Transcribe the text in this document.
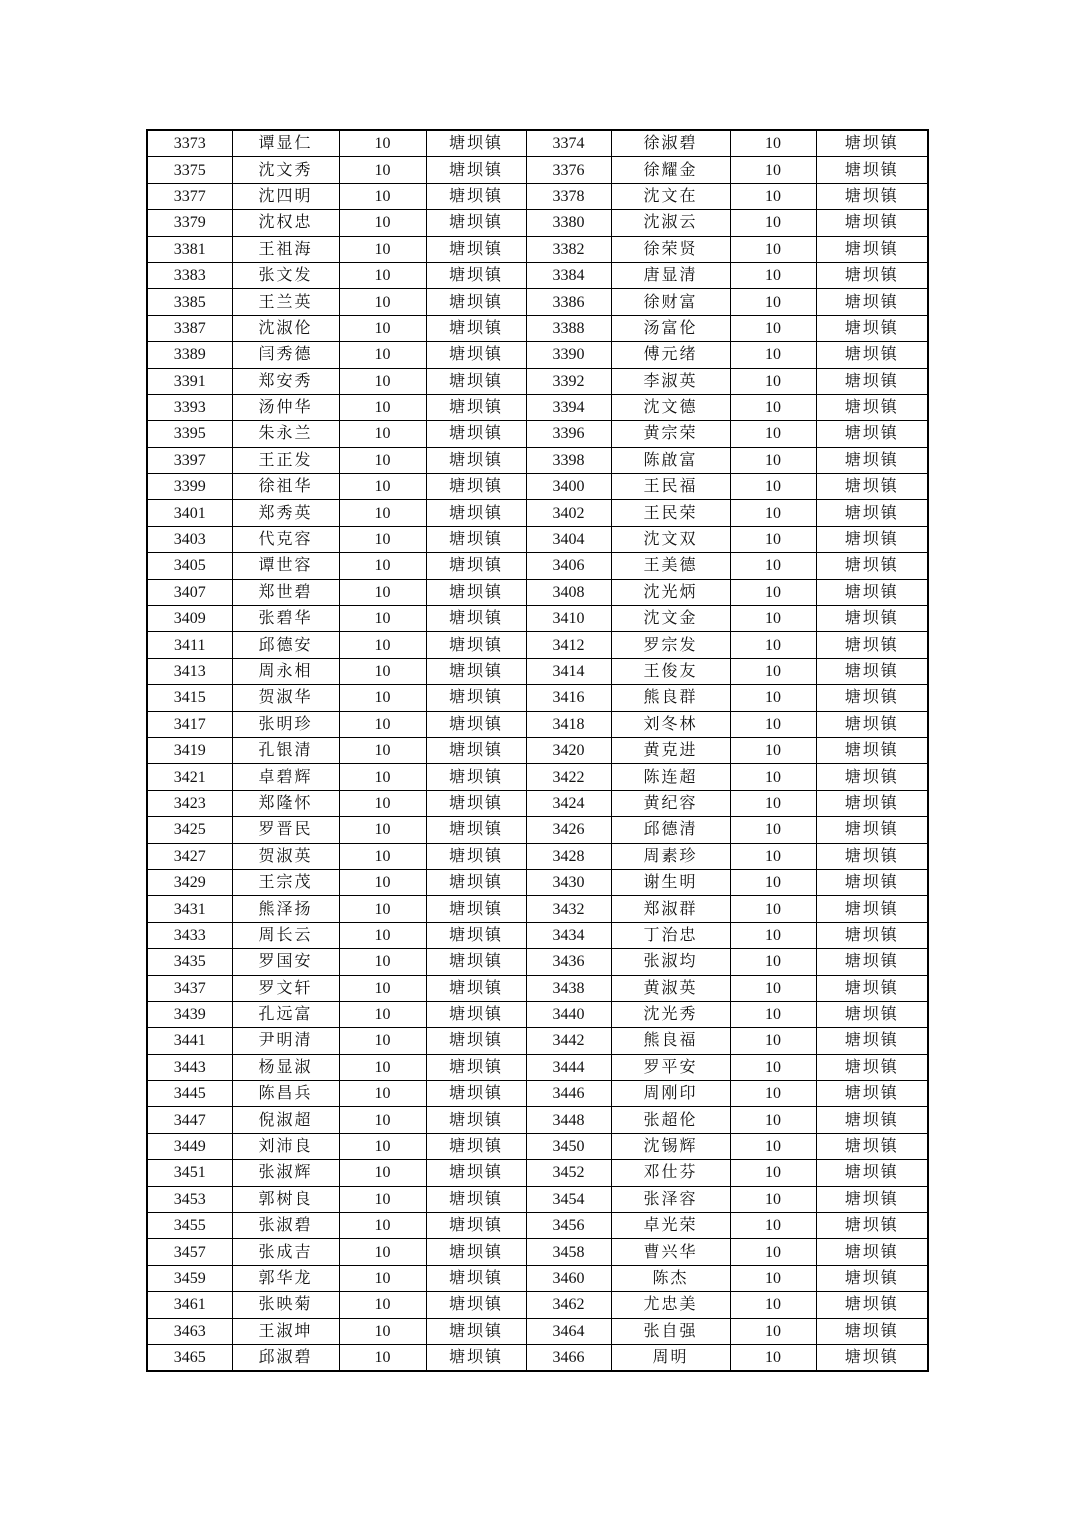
3373	谭显仁	10	塘坝镇	3374	徐淑碧	10	塘坝镇
3375	沈文秀	10	塘坝镇	3376	徐耀金	10	塘坝镇
3377	沈四明	10	塘坝镇	3378	沈文在	10	塘坝镇
3379	沈权忠	10	塘坝镇	3380	沈淑云	10	塘坝镇
3381	王祖海	10	塘坝镇	3382	徐荣贤	10	塘坝镇
3383	张文发	10	塘坝镇	3384	唐显清	10	塘坝镇
3385	王兰英	10	塘坝镇	3386	徐财富	10	塘坝镇
3387	沈淑伦	10	塘坝镇	3388	汤富伦	10	塘坝镇
3389	闫秀德	10	塘坝镇	3390	傅元绪	10	塘坝镇
3391	郑安秀	10	塘坝镇	3392	李淑英	10	塘坝镇
3393	汤仲华	10	塘坝镇	3394	沈文德	10	塘坝镇
3395	朱永兰	10	塘坝镇	3396	黄宗荣	10	塘坝镇
3397	王正发	10	塘坝镇	3398	陈啟富	10	塘坝镇
3399	徐祖华	10	塘坝镇	3400	王民福	10	塘坝镇
3401	郑秀英	10	塘坝镇	3402	王民荣	10	塘坝镇
3403	代克容	10	塘坝镇	3404	沈文双	10	塘坝镇
3405	谭世容	10	塘坝镇	3406	王美德	10	塘坝镇
3407	郑世碧	10	塘坝镇	3408	沈光炳	10	塘坝镇
3409	张碧华	10	塘坝镇	3410	沈文金	10	塘坝镇
3411	邱德安	10	塘坝镇	3412	罗宗发	10	塘坝镇
3413	周永相	10	塘坝镇	3414	王俊友	10	塘坝镇
3415	贺淑华	10	塘坝镇	3416	熊良群	10	塘坝镇
3417	张明珍	10	塘坝镇	3418	刘冬林	10	塘坝镇
3419	孔银清	10	塘坝镇	3420	黄克进	10	塘坝镇
3421	卓碧辉	10	塘坝镇	3422	陈连超	10	塘坝镇
3423	郑隆怀	10	塘坝镇	3424	黄纪容	10	塘坝镇
3425	罗晋民	10	塘坝镇	3426	邱德清	10	塘坝镇
3427	贺淑英	10	塘坝镇	3428	周素珍	10	塘坝镇
3429	王宗茂	10	塘坝镇	3430	谢生明	10	塘坝镇
3431	熊泽扬	10	塘坝镇	3432	郑淑群	10	塘坝镇
3433	周长云	10	塘坝镇	3434	丁治忠	10	塘坝镇
3435	罗国安	10	塘坝镇	3436	张淑均	10	塘坝镇
3437	罗文轩	10	塘坝镇	3438	黄淑英	10	塘坝镇
3439	孔远富	10	塘坝镇	3440	沈光秀	10	塘坝镇
3441	尹明清	10	塘坝镇	3442	熊良福	10	塘坝镇
3443	杨显淑	10	塘坝镇	3444	罗平安	10	塘坝镇
3445	陈昌兵	10	塘坝镇	3446	周刚印	10	塘坝镇
3447	倪淑超	10	塘坝镇	3448	张超伦	10	塘坝镇
3449	刘沛良	10	塘坝镇	3450	沈锡辉	10	塘坝镇
3451	张淑辉	10	塘坝镇	3452	邓仕芬	10	塘坝镇
3453	郭树良	10	塘坝镇	3454	张泽容	10	塘坝镇
3455	张淑碧	10	塘坝镇	3456	卓光荣	10	塘坝镇
3457	张成吉	10	塘坝镇	3458	曹兴华	10	塘坝镇
3459	郭华龙	10	塘坝镇	3460	陈杰	10	塘坝镇
3461	张映菊	10	塘坝镇	3462	尤忠美	10	塘坝镇
3463	王淑坤	10	塘坝镇	3464	张自强	10	塘坝镇
3465	邱淑碧	10	塘坝镇	3466	周明	10	塘坝镇
